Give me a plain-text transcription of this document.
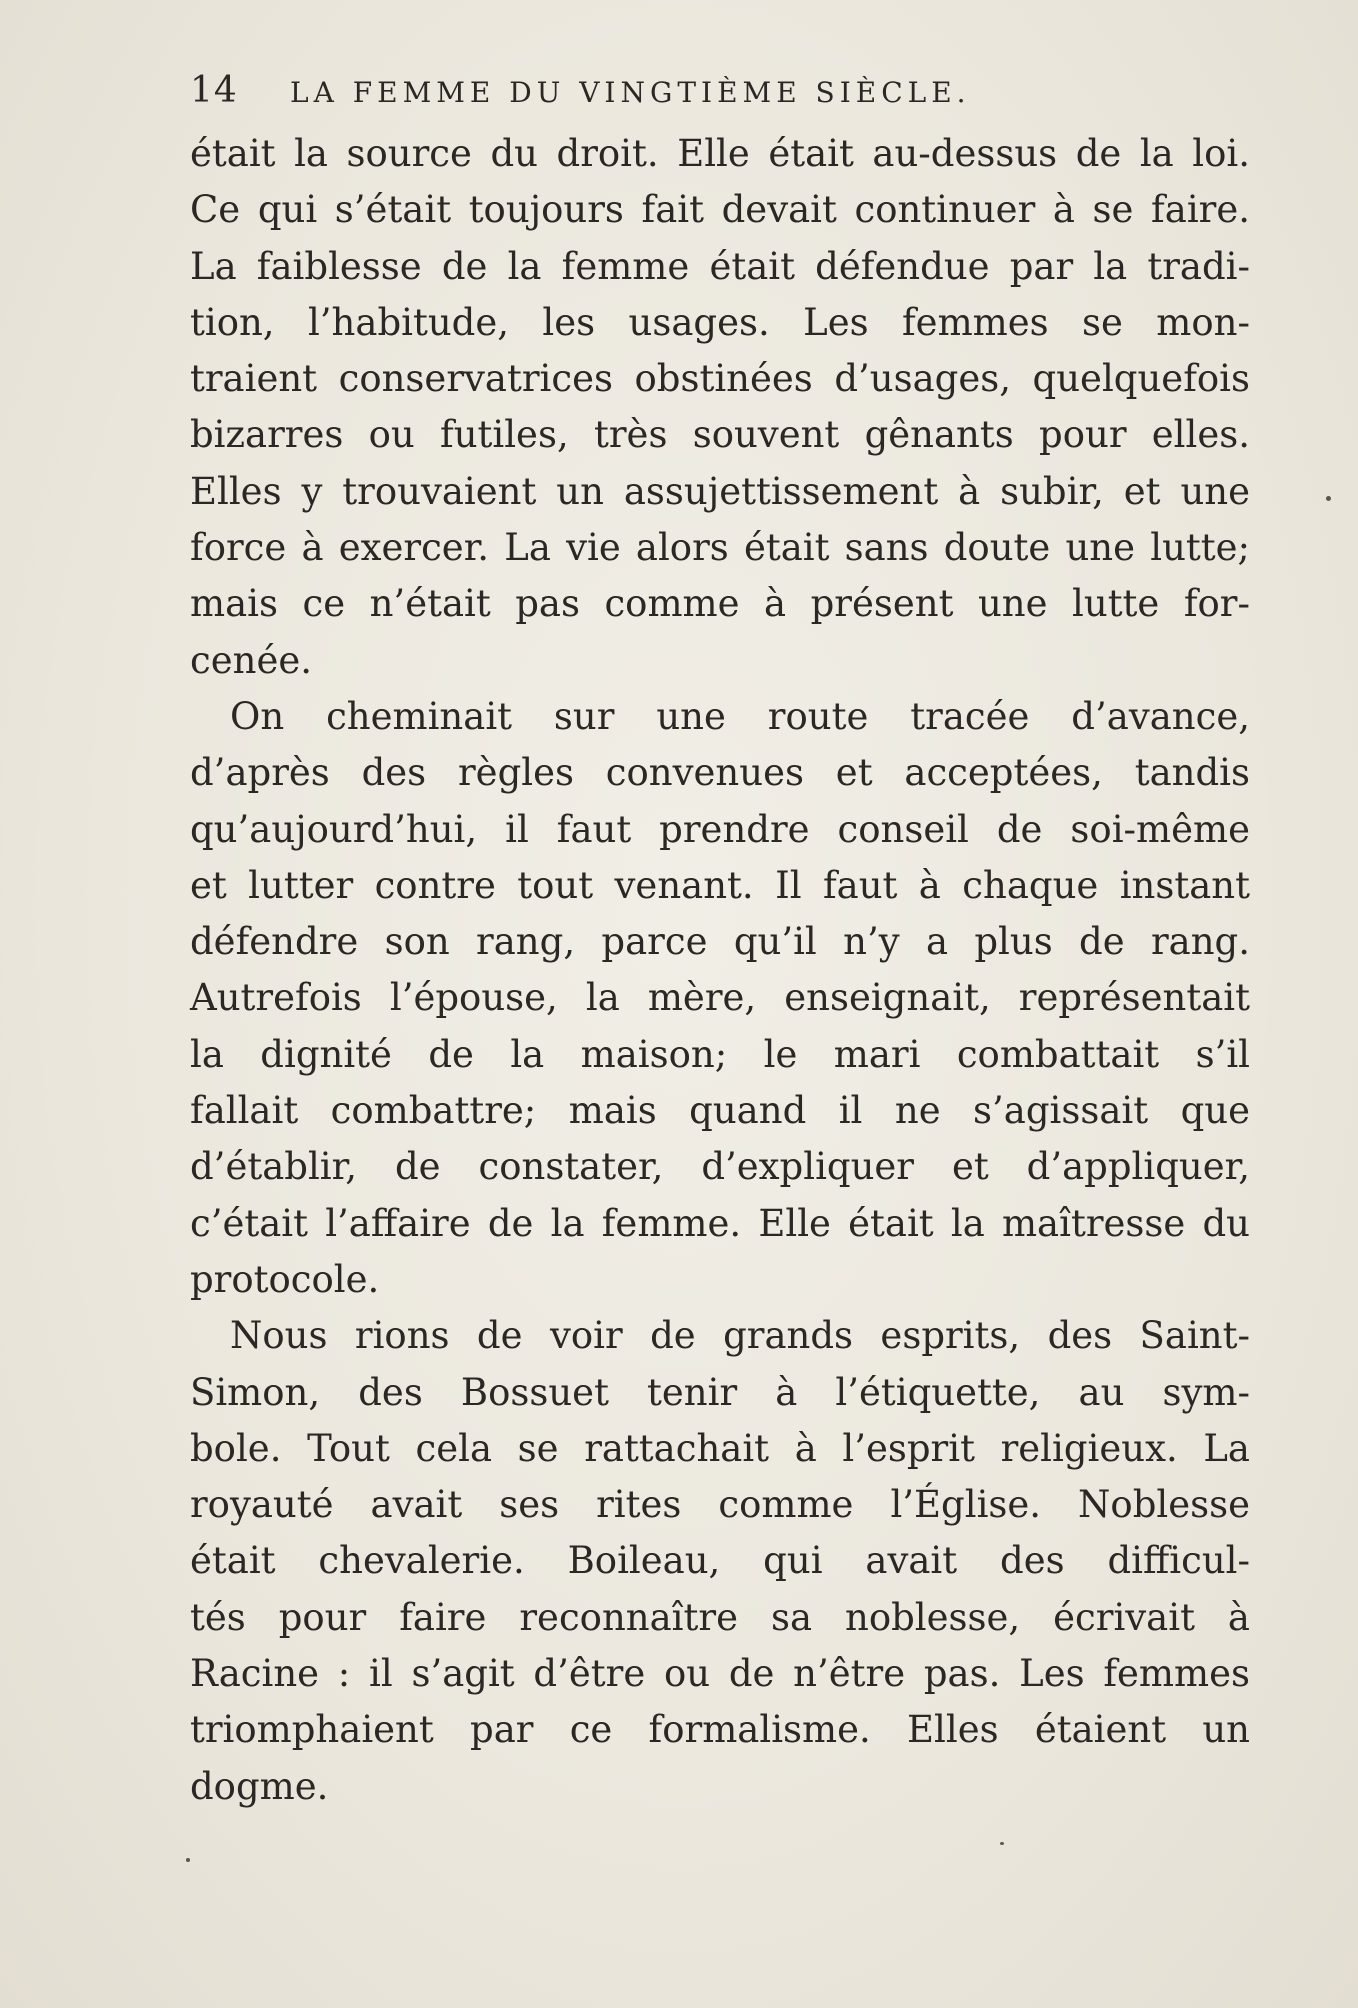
14	LA FEMME DU VINGTIÈME SIÈCLE.
était la source du droit. Elle était au-dessus de la loi.
Ce qui s’était toujours fait devait continuer à se faire.
La faiblesse de la femme était défendue par la tradi-
tion, l’habitude, les usages. Les femmes se mon-
traient conservatrices obstinées d’usages, quelquefois
bizarres ou futiles, très souvent gênants pour elles.
Elles y trouvaient un assujettissement à subir, et une
force à exercer. La vie alors était sans doute une lutte;
mais ce n’était pas comme à présent une lutte for-
cenée.
On cheminait sur une route tracée d’avance,
d’après des règles convenues et acceptées, tandis
qu’aujourd’hui, il faut prendre conseil de soi-même
et lutter contre tout venant. Il faut à chaque instant
défendre son rang, parce qu’il n’y a plus de rang.
Autrefois l’épouse, la mère, enseignait, représentait
la dignité de la maison; le mari combattait s’il
fallait combattre; mais quand il ne s’agissait que
d’établir, de constater, d’expliquer et d’appliquer,
c’était l’affaire de la femme. Elle était la maîtresse du
protocole.
Nous rions de voir de grands esprits, des Saint-
Simon, des Bossuet tenir à l’étiquette, au sym-
bole. Tout cela se rattachait à l’esprit religieux. La
royauté avait ses rites comme l’Église. Noblesse
était chevalerie. Boileau, qui avait des difficul-
tés pour faire reconnaître sa noblesse, écrivait à
Racine : il s’agit d’être ou de n’être pas. Les femmes
triomphaient par ce formalisme. Elles étaient un
dogme.
